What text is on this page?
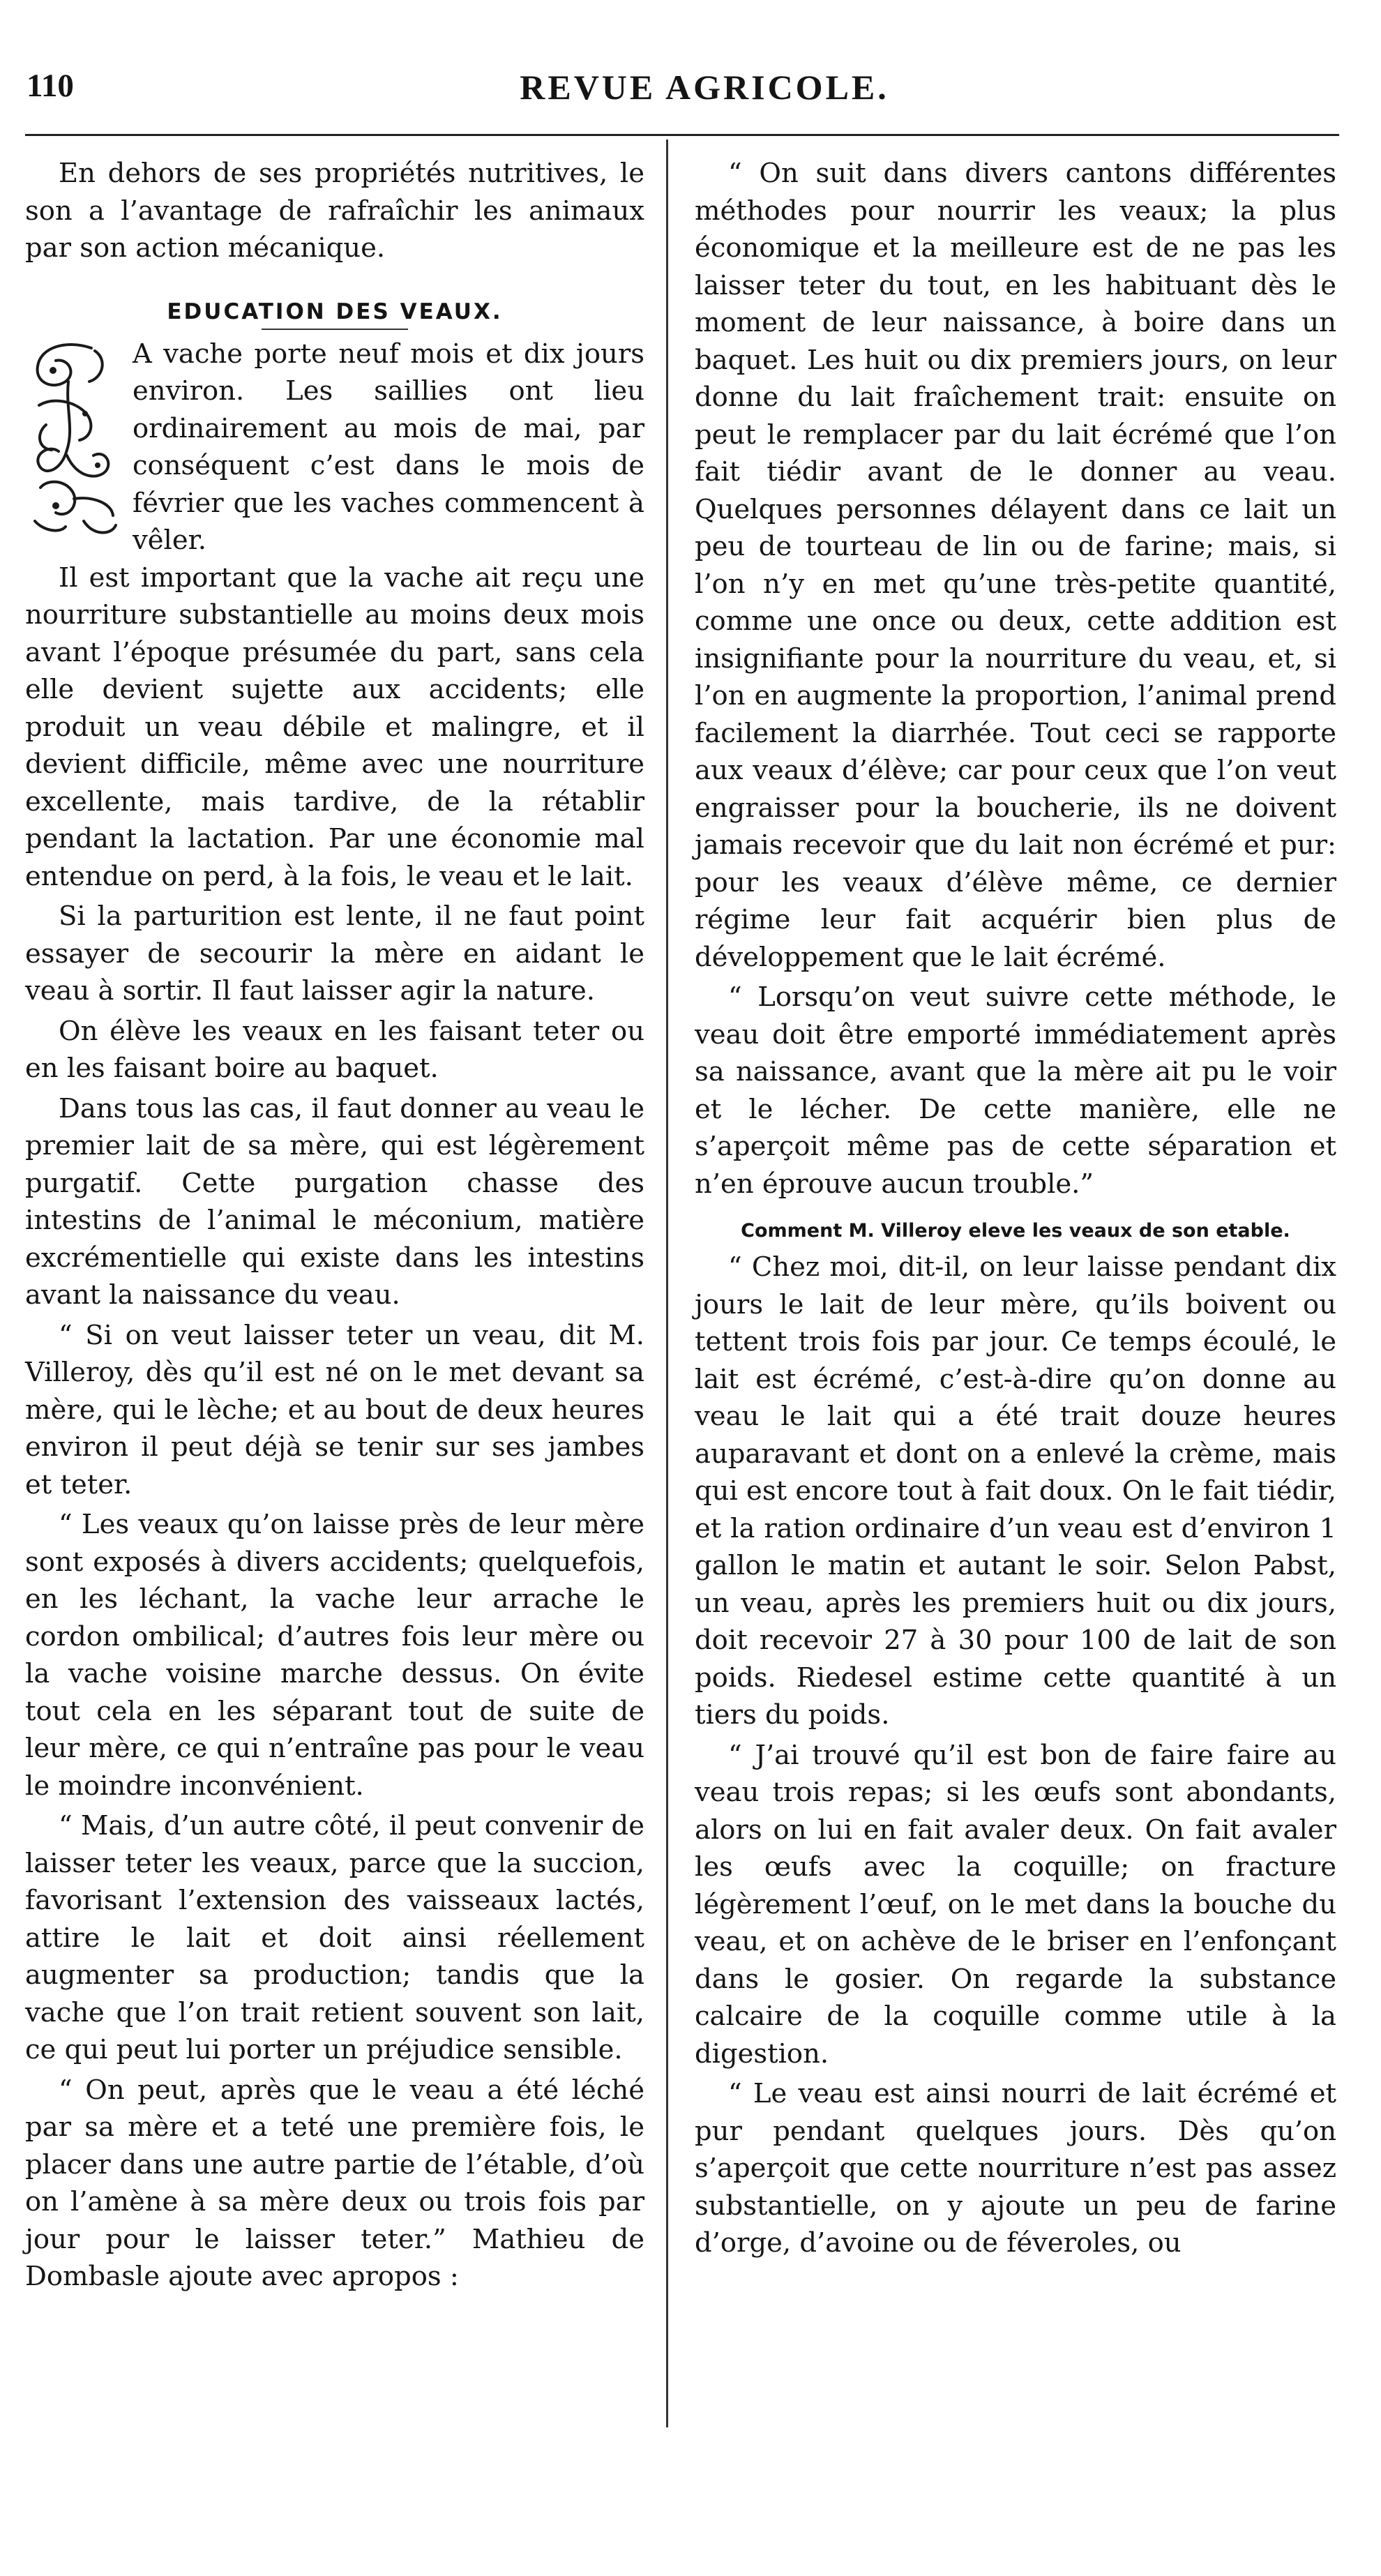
110	REVUE AGRICOLE.

En dehors de ses propriétés nutritives, le son a l’avantage de rafraîchir les animaux par son action mécanique.

EDUCATION DES VEAUX.

A vache porte neuf mois et dix jours environ. Les saillies ont lieu ordinairement au mois de mai, par conséquent c’est dans le mois de février que les vaches commencent à vêler.

Il est important que la vache ait reçu une nourriture substantielle au moins deux mois avant l’époque présumée du part, sans cela elle devient sujette aux accidents; elle produit un veau débile et malingre, et il devient difficile, même avec une nourriture excellente, mais tardive, de la rétablir pendant la lactation. Par une économie mal entendue on perd, à la fois, le veau et le lait.

Si la parturition est lente, il ne faut point essayer de secourir la mère en aidant le veau à sortir. Il faut laisser agir la nature.

On élève les veaux en les faisant teter ou en les faisant boire au baquet.

Dans tous las cas, il faut donner au veau le premier lait de sa mère, qui est légèrement purgatif. Cette purgation chasse des intestins de l’animal le méconium, matière excrémentielle qui existe dans les intestins avant la naissance du veau.

“ Si on veut laisser teter un veau, dit M. Villeroy, dès qu’il est né on le met devant sa mère, qui le lèche; et au bout de deux heures environ il peut déjà se tenir sur ses jambes et teter.

“ Les veaux qu’on laisse près de leur mère sont exposés à divers accidents; quelquefois, en les léchant, la vache leur arrache le cordon ombilical; d’autres fois leur mère ou la vache voisine marche dessus. On évite tout cela en les séparant tout de suite de leur mère, ce qui n’entraîne pas pour le veau le moindre inconvénient.

“ Mais, d’un autre côté, il peut convenir de laisser teter les veaux, parce que la succion, favorisant l’extension des vaisseaux lactés, attire le lait et doit ainsi réellement augmenter sa production; tandis que la vache que l’on trait retient souvent son lait, ce qui peut lui porter un préjudice sensible.

“ On peut, après que le veau a été léché par sa mère et a teté une première fois, le placer dans une autre partie de l’étable, d’où on l’amène à sa mère deux ou trois fois par jour pour le laisser teter.” Mathieu de Dombasle ajoute avec apropos :

“ On suit dans divers cantons différentes méthodes pour nourrir les veaux; la plus économique et la meilleure est de ne pas les laisser teter du tout, en les habituant dès le moment de leur naissance, à boire dans un baquet. Les huit ou dix premiers jours, on leur donne du lait fraîchement trait: ensuite on peut le remplacer par du lait écrémé que l’on fait tiédir avant de le donner au veau. Quelques personnes délayent dans ce lait un peu de tourteau de lin ou de farine; mais, si l’on n’y en met qu’une très-petite quantité, comme une once ou deux, cette addition est insignifiante pour la nourriture du veau, et, si l’on en augmente la proportion, l’animal prend facilement la diarrhée. Tout ceci se rapporte aux veaux d’élève; car pour ceux que l’on veut engraisser pour la boucherie, ils ne doivent jamais recevoir que du lait non écrémé et pur: pour les veaux d’élève même, ce dernier régime leur fait acquérir bien plus de développement que le lait écrémé.

“ Lorsqu’on veut suivre cette méthode, le veau doit être emporté immédiatement après sa naissance, avant que la mère ait pu le voir et le lécher. De cette manière, elle ne s’aperçoit même pas de cette séparation et n’en éprouve aucun trouble.”

Comment M. Villeroy eleve les veaux de son etable.

“ Chez moi, dit-il, on leur laisse pendant dix jours le lait de leur mère, qu’ils boivent ou tettent trois fois par jour. Ce temps écoulé, le lait est écrémé, c’est-à-dire qu’on donne au veau le lait qui a été trait douze heures auparavant et dont on a enlevé la crème, mais qui est encore tout à fait doux. On le fait tiédir, et la ration ordinaire d’un veau est d’environ 1 gallon le matin et autant le soir. Selon Pabst, un veau, après les premiers huit ou dix jours, doit recevoir 27 à 30 pour 100 de lait de son poids. Riedesel estime cette quantité à un tiers du poids.

“ J’ai trouvé qu’il est bon de faire faire au veau trois repas; si les œufs sont abondants, alors on lui en fait avaler deux. On fait avaler les œufs avec la coquille; on fracture légèrement l’œuf, on le met dans la bouche du veau, et on achève de le briser en l’enfonçant dans le gosier. On regarde la substance calcaire de la coquille comme utile à la digestion.

“ Le veau est ainsi nourri de lait écrémé et pur pendant quelques jours. Dès qu’on s’aperçoit que cette nourriture n’est pas assez substantielle, on y ajoute un peu de farine d’orge, d’avoine ou de féveroles, ou
